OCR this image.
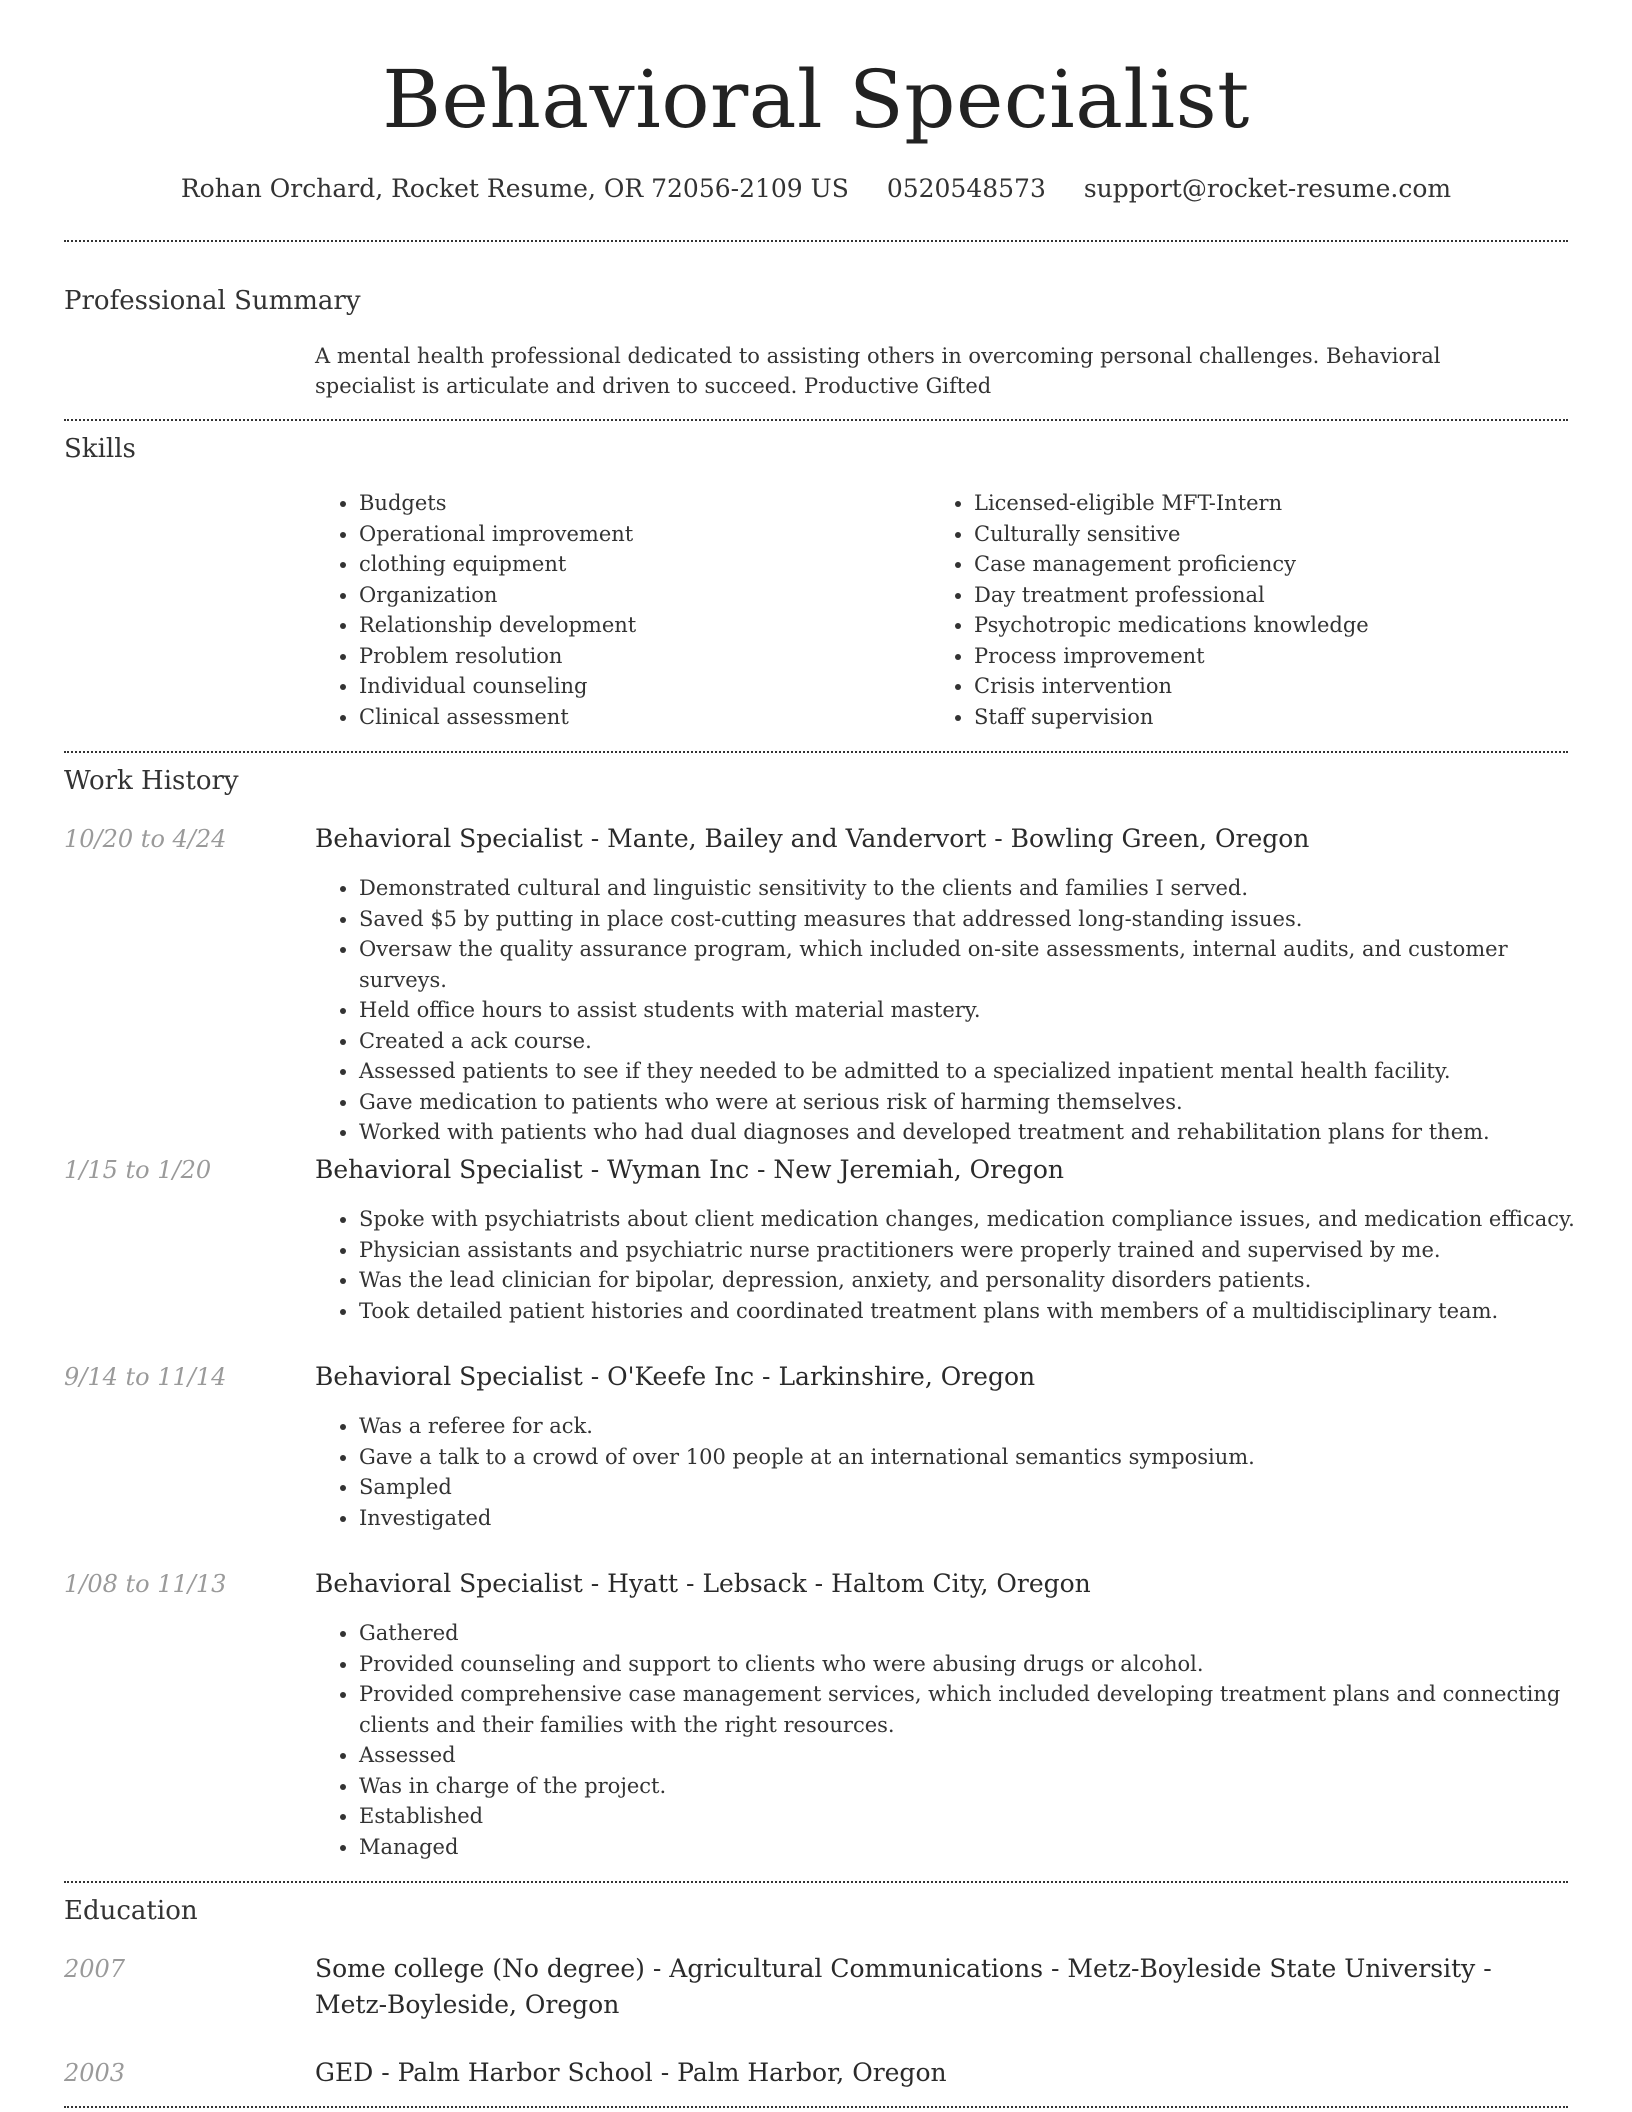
Behavioral Specialist
Rohan Orchard, Rocket Resume, OR 72056-2109 US 0520548573 support@rocket-resume.com
Professional Summary
A mental health professional dedicated to assisting others in overcoming personal challenges. Behavioral specialist is articulate and driven to succeed. Productive Gifted
Skills
• Budgets
• Operational improvement
• clothing equipment
• Organization
• Relationship development
• Problem resolution
• Individual counseling
• Clinical assessment
• Licensed-eligible MFT-Intern
• Culturally sensitive
• Case management proficiency
• Day treatment professional
• Psychotropic medications knowledge
• Process improvement
• Crisis intervention
• Staff supervision
Work History
10/20 to 4/24	Behavioral Specialist - Mante, Bailey and Vandervort - Bowling Green, Oregon
• Demonstrated cultural and linguistic sensitivity to the clients and families I served.
• Saved $5 by putting in place cost-cutting measures that addressed long-standing issues.
• Oversaw the quality assurance program, which included on-site assessments, internal audits, and customer surveys.
• Held office hours to assist students with material mastery.
• Created a ack course.
• Assessed patients to see if they needed to be admitted to a specialized inpatient mental health facility.
• Gave medication to patients who were at serious risk of harming themselves.
• Worked with patients who had dual diagnoses and developed treatment and rehabilitation plans for them.
1/15 to 1/20	Behavioral Specialist - Wyman Inc - New Jeremiah, Oregon
• Spoke with psychiatrists about client medication changes, medication compliance issues, and medication efficacy.
• Physician assistants and psychiatric nurse practitioners were properly trained and supervised by me.
• Was the lead clinician for bipolar, depression, anxiety, and personality disorders patients.
• Took detailed patient histories and coordinated treatment plans with members of a multidisciplinary team.
9/14 to 11/14	Behavioral Specialist - O'Keefe Inc - Larkinshire, Oregon
• Was a referee for ack.
• Gave a talk to a crowd of over 100 people at an international semantics symposium.
• Sampled
• Investigated
1/08 to 11/13	Behavioral Specialist - Hyatt - Lebsack - Haltom City, Oregon
• Gathered
• Provided counseling and support to clients who were abusing drugs or alcohol.
• Provided comprehensive case management services, which included developing treatment plans and connecting clients and their families with the right resources.
• Assessed
• Was in charge of the project.
• Established
• Managed
Education
2007	Some college (No degree) - Agricultural Communications - Metz-Boyleside State University - Metz-Boyleside, Oregon
2003	GED - Palm Harbor School - Palm Harbor, Oregon
